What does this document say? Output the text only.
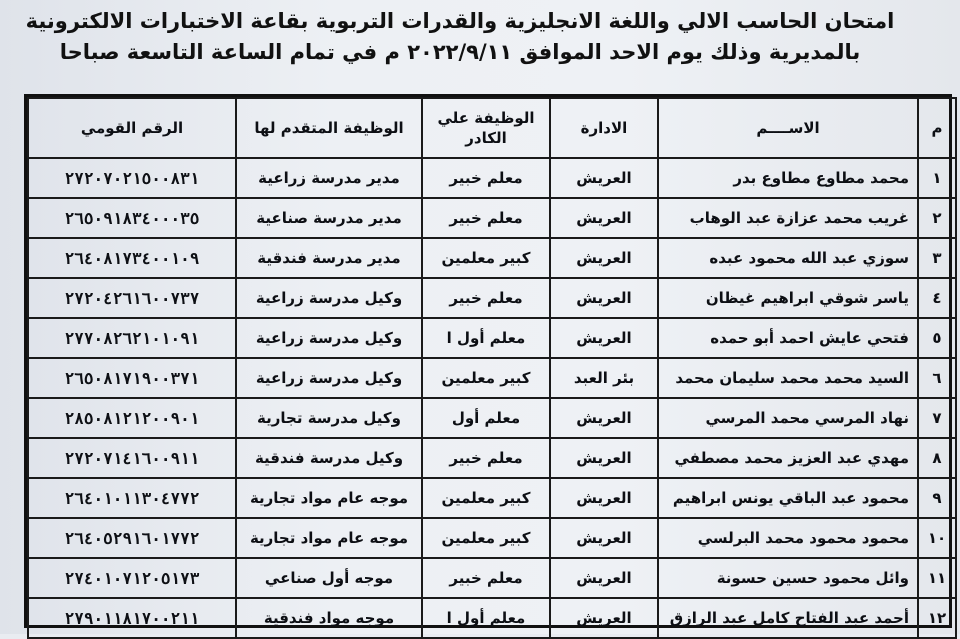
امتحان الحاسب الالي واللغة الانجليزية والقدرات التربوية بقاعة الاختبارات الالكترونية
بالمديرية وذلك يوم الاحد الموافق ٢٠٢٢/٩/١١ م في تمام الساعة التاسعة صباحا
م	الاســــم	الادارة	الوظيفة علي الكادر	الوظيفة المتقدم لها	الرقم القومي
١	محمد مطاوع مطاوع بدر	العريش	معلم خبير	مدير مدرسة زراعية	٢٧٢٠٧٠٢١٥٠٠٨٣١
٢	غريب محمد عزازة عبد الوهاب	العريش	معلم خبير	مدير مدرسة صناعية	٢٦٥٠٩١٨٣٤٠٠٠٣٥
٣	سوزي عبد الله محمود عبده	العريش	كبير معلمين	مدير مدرسة فندقية	٢٦٤٠٨١٧٣٤٠٠١٠٩
٤	ياسر شوقي ابراهيم غيظان	العريش	معلم خبير	وكيل مدرسة زراعية	٢٧٢٠٤٢٦١٦٠٠٧٣٧
٥	فتحي عايش احمد أبو حمده	العريش	معلم أول ا	وكيل مدرسة زراعية	٢٧٧٠٨٢٦٢١٠١٠٩١
٦	السيد محمد محمد سليمان محمد	بئر العبد	كبير معلمين	وكيل مدرسة زراعية	٢٦٥٠٨١٧١٩٠٠٣٧١
٧	نهاد المرسي محمد المرسي	العريش	معلم أول	وكيل مدرسة تجارية	٢٨٥٠٨١٢١٢٠٠٩٠١
٨	مهدي عبد العزيز محمد مصطفي	العريش	معلم خبير	وكيل مدرسة فندقية	٢٧٢٠٧١٤١٦٠٠٩١١
٩	محمود عبد الباقي يونس ابراهيم	العريش	كبير معلمين	موجه عام مواد تجارية	٢٦٤٠١٠١١٣٠٤٧٧٢
١٠	محمود محمود محمد البرلسي	العريش	كبير معلمين	موجه عام مواد تجارية	٢٦٤٠٥٢٩١٦٠١٧٧٢
١١	وائل محمود حسين حسونة	العريش	معلم خبير	موجه أول صناعي	٢٧٤٠١٠٧١٢٠٥١٧٣
١٢	أحمد عبد الفتاح كامل عبد الرازق	العريش	معلم أول ا	موجه مواد فندقية	٢٧٩٠١١٨١٧٠٠٢١١
